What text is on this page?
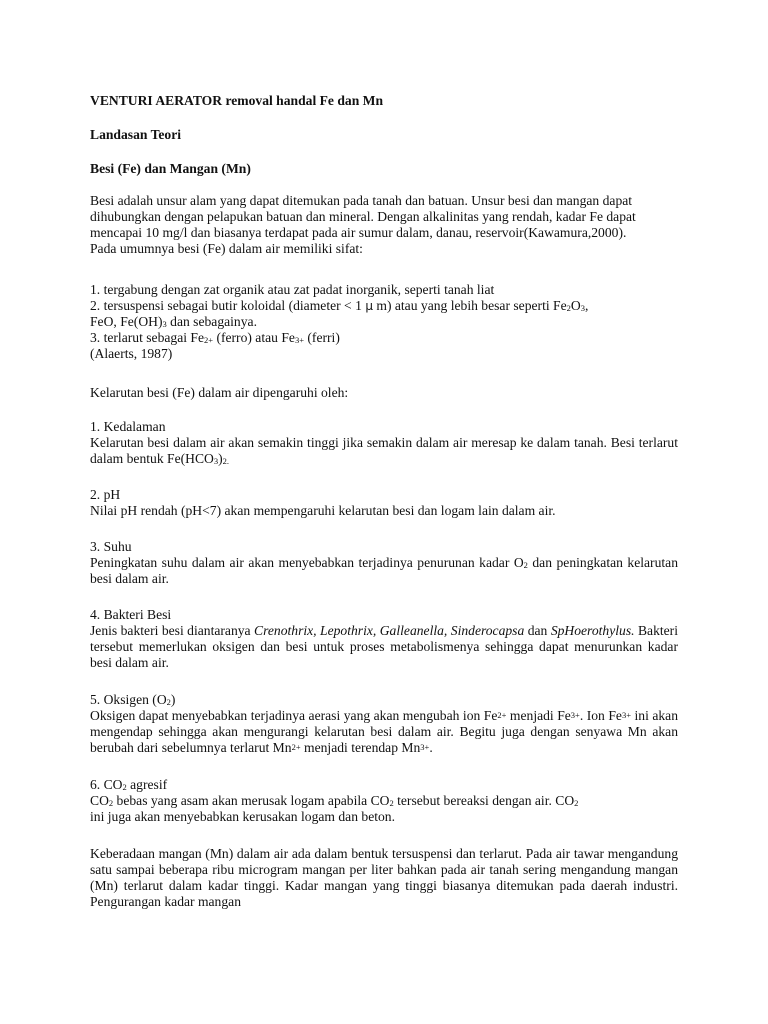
VENTURI AERATOR removal handal Fe dan Mn

Landasan Teori

Besi (Fe) dan Mangan (Mn)

Besi adalah unsur alam yang dapat ditemukan pada tanah dan batuan. Unsur besi dan mangan dapat dihubungkan dengan pelapukan batuan dan mineral. Dengan alkalinitas yang rendah, kadar Fe dapat mencapai 10 mg/l dan biasanya terdapat pada air sumur dalam, danau, reservoir(Kawamura,2000).
Pada umumnya besi (Fe) dalam air memiliki sifat:
1. tergabung dengan zat organik atau zat padat inorganik, seperti tanah liat
2. tersuspensi sebagai butir koloidal (diameter < 1 μ m) atau yang lebih besar seperti $Fe_2O_3$,
FeO, $Fe(OH)_3$ dan sebagainya.
3. terlarut sebagai $Fe_{2+}$ (ferro) atau $Fe_{3+}$ (ferri)
(Alaerts, 1987)

Kelarutan besi (Fe) dalam air dipengaruhi oleh:

1. Kedalaman
Kelarutan besi dalam air akan semakin tinggi jika semakin dalam air meresap ke dalam tanah. Besi terlarut dalam bentuk $Fe(HCO_3)_{2.}$
2. pH
Nilai pH rendah (pH<7) akan mempengaruhi kelarutan besi dan logam lain dalam air.
3. Suhu
Peningkatan suhu dalam air akan menyebabkan terjadinya penurunan kadar $O_2$ dan peningkatan kelarutan besi dalam air.
4. Bakteri Besi
Jenis bakteri besi diantaranya Crenothrix, Lepothrix, Galleanella, Sinderocapsa dan SpHoerothylus. Bakteri tersebut memerlukan oksigen dan besi untuk proses metabolismenya sehingga dapat menurunkan kadar besi dalam air.
5. Oksigen $(O_2)$
Oksigen dapat menyebabkan terjadinya aerasi yang akan mengubah ion $Fe^{2+}$ menjadi $Fe^{3+}$. Ion $Fe^{3+}$ ini akan mengendap sehingga akan mengurangi kelarutan besi dalam air. Begitu juga dengan senyawa Mn akan berubah dari sebelumnya terlarut $Mn^{2+}$ menjadi terendap $Mn^{3+}$.
6. $CO_2$ agresif
$CO_2$ bebas yang asam akan merusak logam apabila $CO_2$ tersebut bereaksi dengan air. $CO_2$
ini juga akan menyebabkan kerusakan logam dan beton.

Keberadaan mangan (Mn) dalam air ada dalam bentuk tersuspensi dan terlarut. Pada air tawar mengandung satu sampai beberapa ribu microgram mangan per liter bahkan pada air tanah sering mengandung mangan (Mn) terlarut dalam kadar tinggi. Kadar mangan yang tinggi biasanya ditemukan pada daerah industri. Pengurangan kadar mangan
